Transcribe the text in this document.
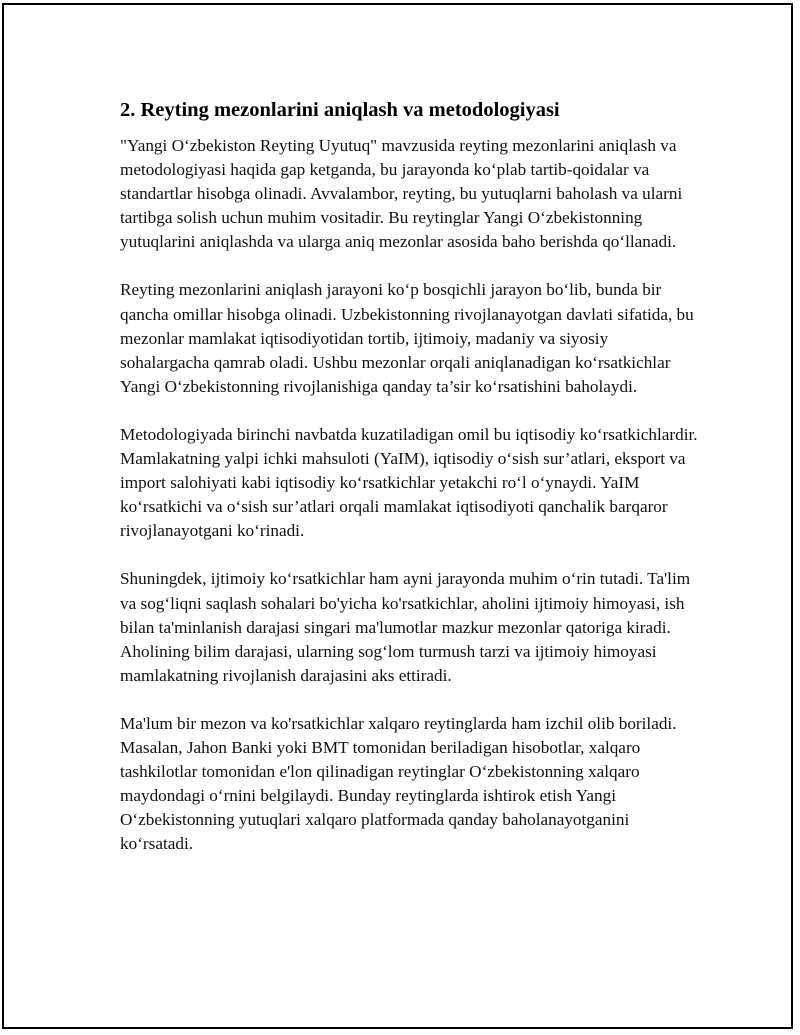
2. Reyting mezonlarini aniqlash va metodologiyasi

"Yangi O‘zbekiston Reyting Uyutuq" mavzusida reyting mezonlarini aniqlash va metodologiyasi haqida gap ketganda, bu jarayonda ko‘plab tartib-qoidalar va standartlar hisobga olinadi. Avvalambor, reyting, bu yutuqlarni baholash va ularni tartibga solish uchun muhim vositadir. Bu reytinglar Yangi O‘zbekistonning yutuqlarini aniqlashda va ularga aniq mezonlar asosida baho berishda qo‘llanadi.

Reyting mezonlarini aniqlash jarayoni ko‘p bosqichli jarayon bo‘lib, bunda bir qancha omillar hisobga olinadi. Uzbekistonning rivojlanayotgan davlati sifatida, bu mezonlar mamlakat iqtisodiyotidan tortib, ijtimoiy, madaniy va siyosiy sohalargacha qamrab oladi. Ushbu mezonlar orqali aniqlanadigan ko‘rsatkichlar Yangi O‘zbekistonning rivojlanishiga qanday ta’sir ko‘rsatishini baholaydi.

Metodologiyada birinchi navbatda kuzatiladigan omil bu iqtisodiy ko‘rsatkichlardir. Mamlakatning yalpi ichki mahsuloti (YaIM), iqtisodiy o‘sish sur’atlari, eksport va import salohiyati kabi iqtisodiy ko‘rsatkichlar yetakchi ro‘l o‘ynaydi. YaIM ko‘rsatkichi va o‘sish sur’atlari orqali mamlakat iqtisodiyoti qanchalik barqaror rivojlanayotgani ko‘rinadi.

Shuningdek, ijtimoiy ko‘rsatkichlar ham ayni jarayonda muhim o‘rin tutadi. Ta'lim va sog‘liqni saqlash sohalari bo'yicha ko'rsatkichlar, aholini ijtimoiy himoyasi, ish bilan ta'minlanish darajasi singari ma'lumotlar mazkur mezonlar qatoriga kiradi. Aholining bilim darajasi, ularning sog‘lom turmush tarzi va ijtimoiy himoyasi mamlakatning rivojlanish darajasini aks ettiradi.

Ma'lum bir mezon va ko'rsatkichlar xalqaro reytinglarda ham izchil olib boriladi. Masalan, Jahon Banki yoki BMT tomonidan beriladigan hisobotlar, xalqaro tashkilotlar tomonidan e'lon qilinadigan reytinglar O‘zbekistonning xalqaro maydondagi o‘rnini belgilaydi. Bunday reytinglarda ishtirok etish Yangi O‘zbekistonning yutuqlari xalqaro platformada qanday baholanayotganini ko‘rsatadi.
